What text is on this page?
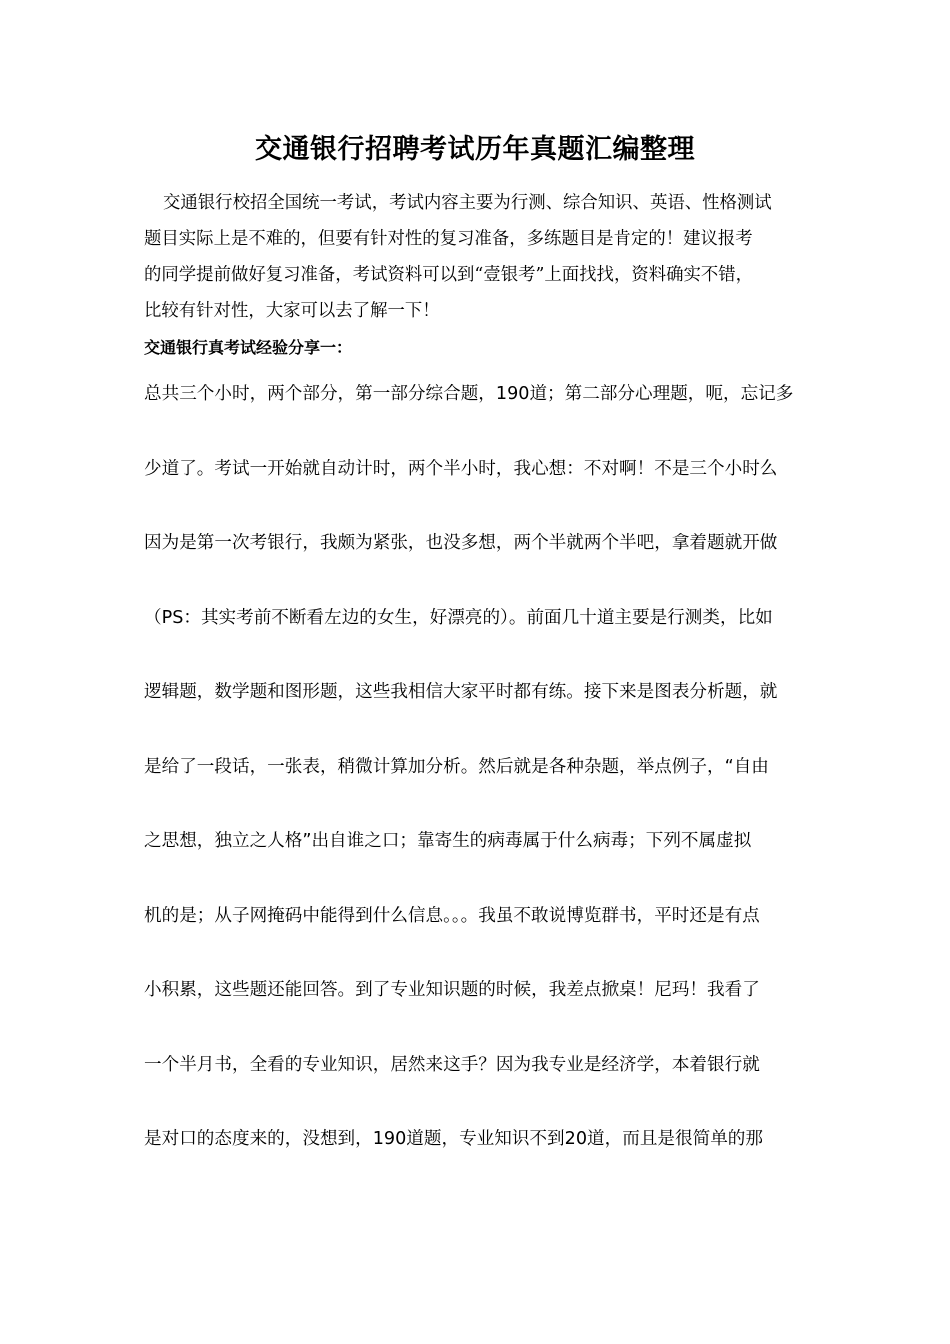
交通银行招聘考试历年真题汇编整理
交通银行校招全国统一考试，考试内容主要为行测、综合知识、英语、性格测试
题目实际上是不难的，但要有针对性的复习准备，多练题目是肯定的！建议报考
的同学提前做好复习准备，考试资料可以到“壹银考”上面找找，资料确实不错，
比较有针对性，大家可以去了解一下！
交通银行真考试经验分享一：
总共三个小时，两个部分，第一部分综合题，190道；第二部分心理题，呃，忘记多
少道了。考试一开始就自动计时，两个半小时，我心想：不对啊！不是三个小时么
因为是第一次考银行，我颇为紧张，也没多想，两个半就两个半吧，拿着题就开做
（PS：其实考前不断看左边的女生，好漂亮的）。前面几十道主要是行测类，比如
逻辑题，数学题和图形题，这些我相信大家平时都有练。接下来是图表分析题，就
是给了一段话，一张表，稍微计算加分析。然后就是各种杂题，举点例子，“自由
之思想，独立之人格”出自谁之口；靠寄生的病毒属于什么病毒；下列不属虚拟
机的是；从子网掩码中能得到什么信息。。。我虽不敢说博览群书，平时还是有点
小积累，这些题还能回答。到了专业知识题的时候，我差点掀桌！尼玛！我看了
一个半月书，全看的专业知识，居然来这手？因为我专业是经济学，本着银行就
是对口的态度来的，没想到，190道题，专业知识不到20道，而且是很简单的那
